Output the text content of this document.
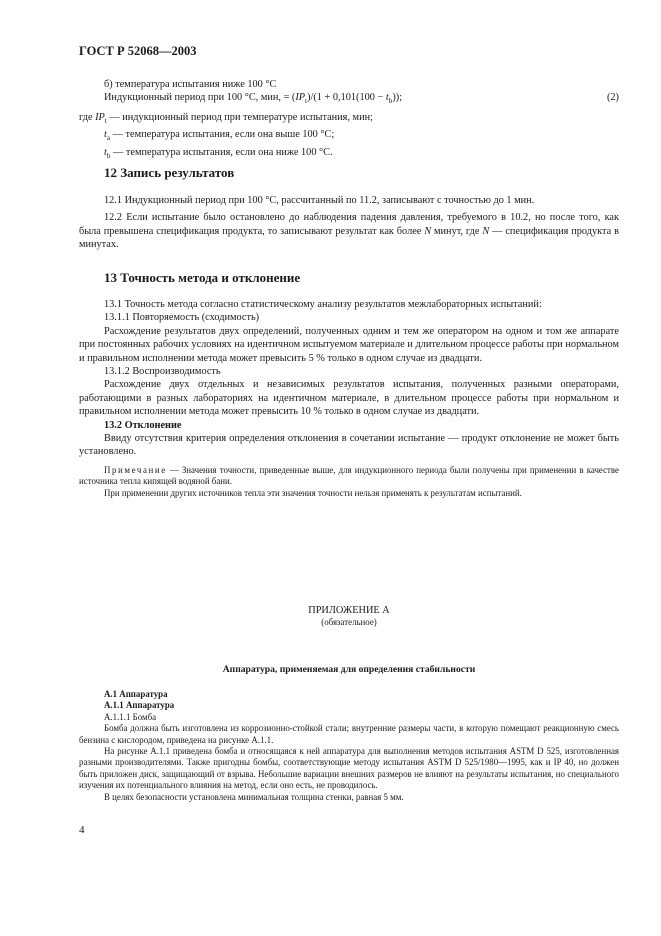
ГОСТ Р 52068—2003

б) температура испытания ниже 100 °С

Индукционный период при 100 °С, мин, = $(IP_t)/(1 + 0,101(100 - t_b))$;	(2)

где $IP_t$ — индукционный период при температуре испытания, мин;

$t_a$ — температура испытания, если она выше 100 °С;

$t_b$ — температура испытания, если она ниже 100 °С.

12 Запись результатов

12.1 Индукционный период при 100 °С, рассчитанный по 11.2, записывают с точностью до 1 мин.

12.2 Если испытание было остановлено до наблюдения падения давления, требуемого в 10.2, но после того, как была превышена спецификация продукта, то записывают результат как более N минут, где N — спецификация продукта в минутах.

13 Точность метода и отклонение

13.1 Точность метода согласно статистическому анализу результатов межлабораторных испытаний:

13.1.1 Повторяемость (сходимость)

Расхождение результатов двух определений, полученных одним и тем же оператором на одном и том же аппарате при постоянных рабочих условиях на идентичном испытуемом материале и длительном процессе работы при нормальном и правильном исполнении метода может превысить 5 % только в одном случае из двадцати.

13.1.2 Воспроизводимость

Расхождение двух отдельных и независимых результатов испытания, полученных разными операторами, работающими в разных лабораториях на идентичном материале, в длительном процессе работы при нормальном и правильном исполнении метода может превысить 10 % только в одном случае из двадцати.

13.2 Отклонение

Ввиду отсутствия критерия определения отклонения в сочетании испытание — продукт отклонение не может быть установлено.

Примечание — Значения точности, приведенные выше, для индукционного периода были получены при применении в качестве источника тепла кипящей водяной бани.

При применении других источников тепла эти значения точности нельзя применять к результатам испытаний.

ПРИЛОЖЕНИЕ А

(обязательное)

Аппаратура, применяемая для определения стабильности

А.1 Аппаратура

А.1.1 Аппаратура

А.1.1.1 Бомба

Бомба должна быть изготовлена из коррозионно-стойкой стали; внутренние размеры части, в которую помещают реакционную смесь бензина с кислородом, приведена на рисунке А.1.1.

На рисунке А.1.1 приведена бомба и относящаяся к ней аппаратура для выполнения методов испытания ASTM D 525, изготовленная разными производителями. Также пригодны бомбы, соответствующие методу испытания ASTM D 525/1980—1995, как и IP 40, но должен быть приложен диск, защищающий от взрыва. Небольшие вариации внешних размеров не влияют на результаты испытания, но специального изучения их потенциального влияния на метод, если оно есть, не проводилось.

В целях безопасности установлена минимальная толщина стенки, равная 5 мм.

4
